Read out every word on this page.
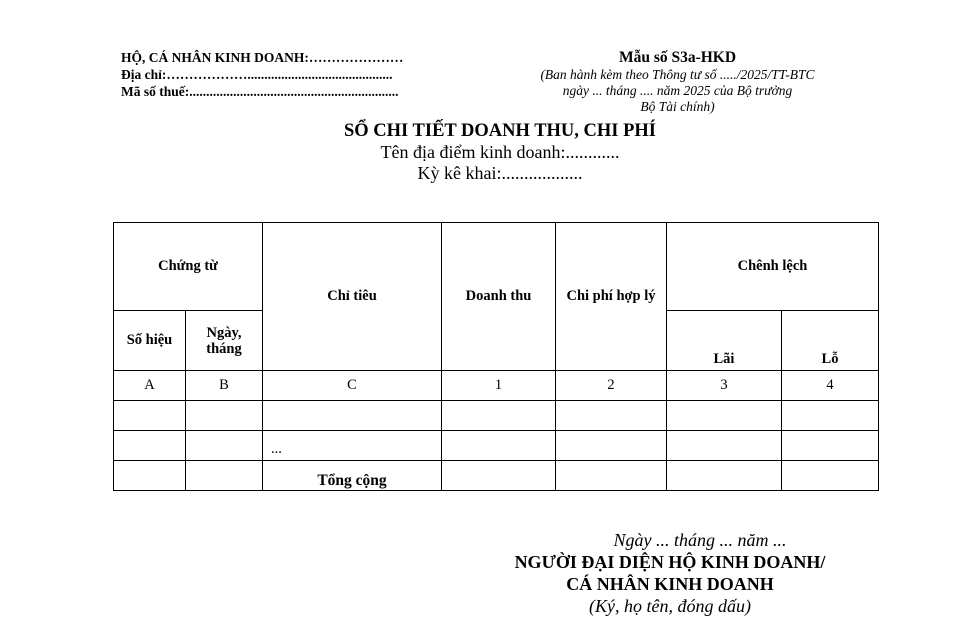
HỘ, CÁ NHÂN KINH DOANH:…………………
Địa chỉ:………………...........................................
Mã số thuế:..............................................................
Mẫu số S3a-HKD
(Ban hành kèm theo Thông tư số ...../2025/TT-BTC
ngày ... tháng .... năm 2025 của Bộ trưởng
Bộ Tài chính)
SỔ CHI TIẾT DOANH THU, CHI PHÍ
Tên địa điểm kinh doanh:............
Kỳ kê khai:..................
Chứng từ		Chỉ tiêu	Doanh thu	Chi phí hợp lý	Chênh lệch	
Số hiệu	Ngày, tháng				Lãi	Lỗ
A	B	C	1	2	3	4

		...				
		Tổng cộng				
Ngày ... tháng ... năm ...
NGƯỜI ĐẠI DIỆN HỘ KINH DOANH/
CÁ NHÂN KINH DOANH
(Ký, họ tên, đóng dấu)
